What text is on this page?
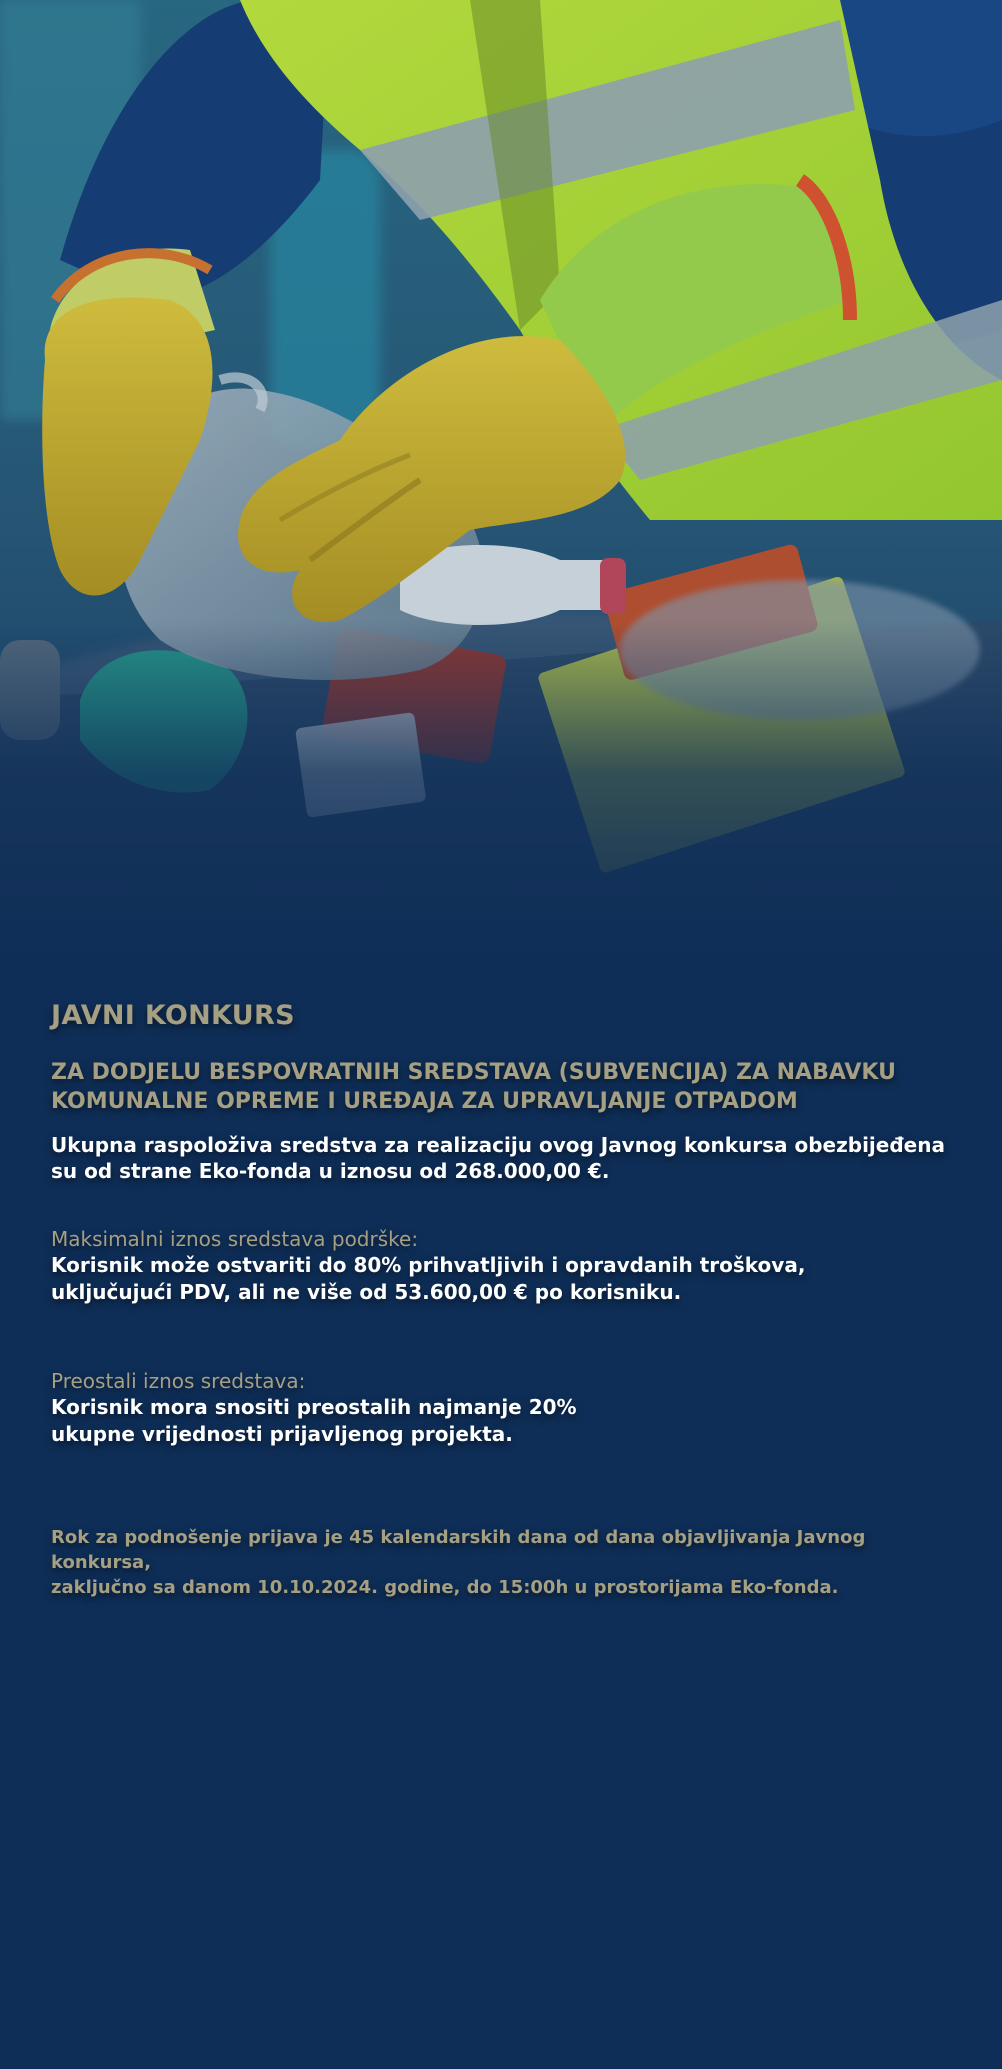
JAVNI KONKURS
ZA DODJELU BESPOVRATNIH SREDSTAVA (SUBVENCIJA) ZA NABAVKU KOMUNALNE OPREME I UREĐAJA ZA UPRAVLJANJE OTPADOM

Ukupna raspoloživa sredstva za realizaciju ovog Javnog konkursa obezbijeđena su od strane Eko-fonda u iznosu od 268.000,00 €.

Maksimalni iznos sredstava podrške:

Korisnik može ostvariti do 80% prihvatljivih i opravdanih troškova,
uključujući PDV, ali ne više od 53.600,00 € po korisniku.

Preostali iznos sredstava:

Korisnik mora snositi preostalih najmanje 20%
ukupne vrijednosti prijavljenog projekta.

Rok za podnošenje prijava je 45 kalendarskih dana od dana objavljivanja Javnog konkursa,
zaključno sa danom 10.10.2024. godine, do 15:00h u prostorijama Eko-fonda.
